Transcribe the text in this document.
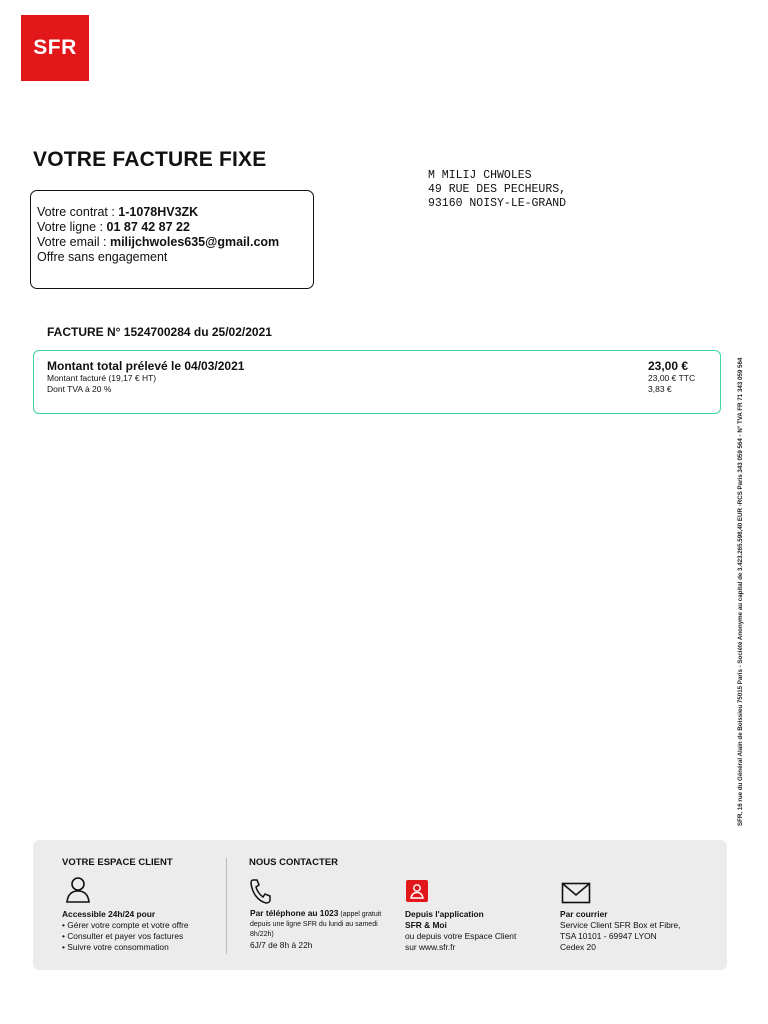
SFR
VOTRE FACTURE FIXE
M MILIJ CHWOLES
49 RUE DES PECHEURS,
93160 NOISY-LE-GRAND
Votre contrat : 1-1078HV3ZK
Votre ligne : 01 87 42 87 22
Votre email : milijchwoles635@gmail.com
Offre sans engagement
FACTURE N° 1524700284 du 25/02/2021
Montant total prélevé le 04/03/2021
Montant facturé (19,17 € HT)
Dont TVA à 20 %
23,00 €
23,00 € TTC
3,83 €	SFR, 16 rue du Général Alain de Boissieu 75015 Paris - Société Anonyme au capital de 3.423.265.598,40 EUR -RCS Paris 343 059 564 - N° TVA FR 71 343 059 564
VOTRE ESPACE CLIENT	NOUS CONTACTER
Accessible 24h/24 pour
• Gérer votre compte et votre offre
• Consulter et payer vos factures
• Suivre votre consommation
Par téléphone au 1023 (appel gratuit depuis une ligne SFR du lundi au samedi 8h/22h)
6J/7 de 8h à 22h
Depuis l'application
SFR & Moi
ou depuis votre Espace Client
sur www.sfr.fr
Par courrier
Service Client SFR Box et Fibre,
TSA 10101 - 69947 LYON
Cedex 20
